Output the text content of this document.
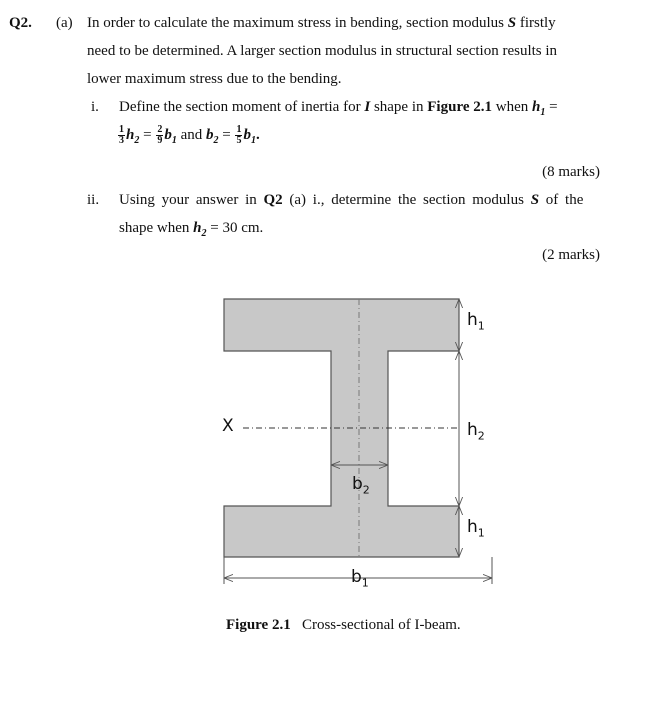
Q2. (a) In order to calculate the maximum stress in bending, section modulus S firstly
need to be determined. A larger section modulus in structural section results in
lower maximum stress due to the bending.
i. Define the section moment of inertia for I shape in Figure 2.1 when $h_1$ =
$\frac{1}{3} h_2 = \frac{2}{9} b_1$ and $b_2 = \frac{1}{5} b_1$.
(8 marks)
ii. Using your answer in Q2 (a) i., determine the section modulus S of the
shape when $h_2 = 30$ cm.
(2 marks)
X
$h_1$
$h_2$
$h_1$
$b_2$
$b_1$
Figure 2.1 Cross-sectional of I-beam.
